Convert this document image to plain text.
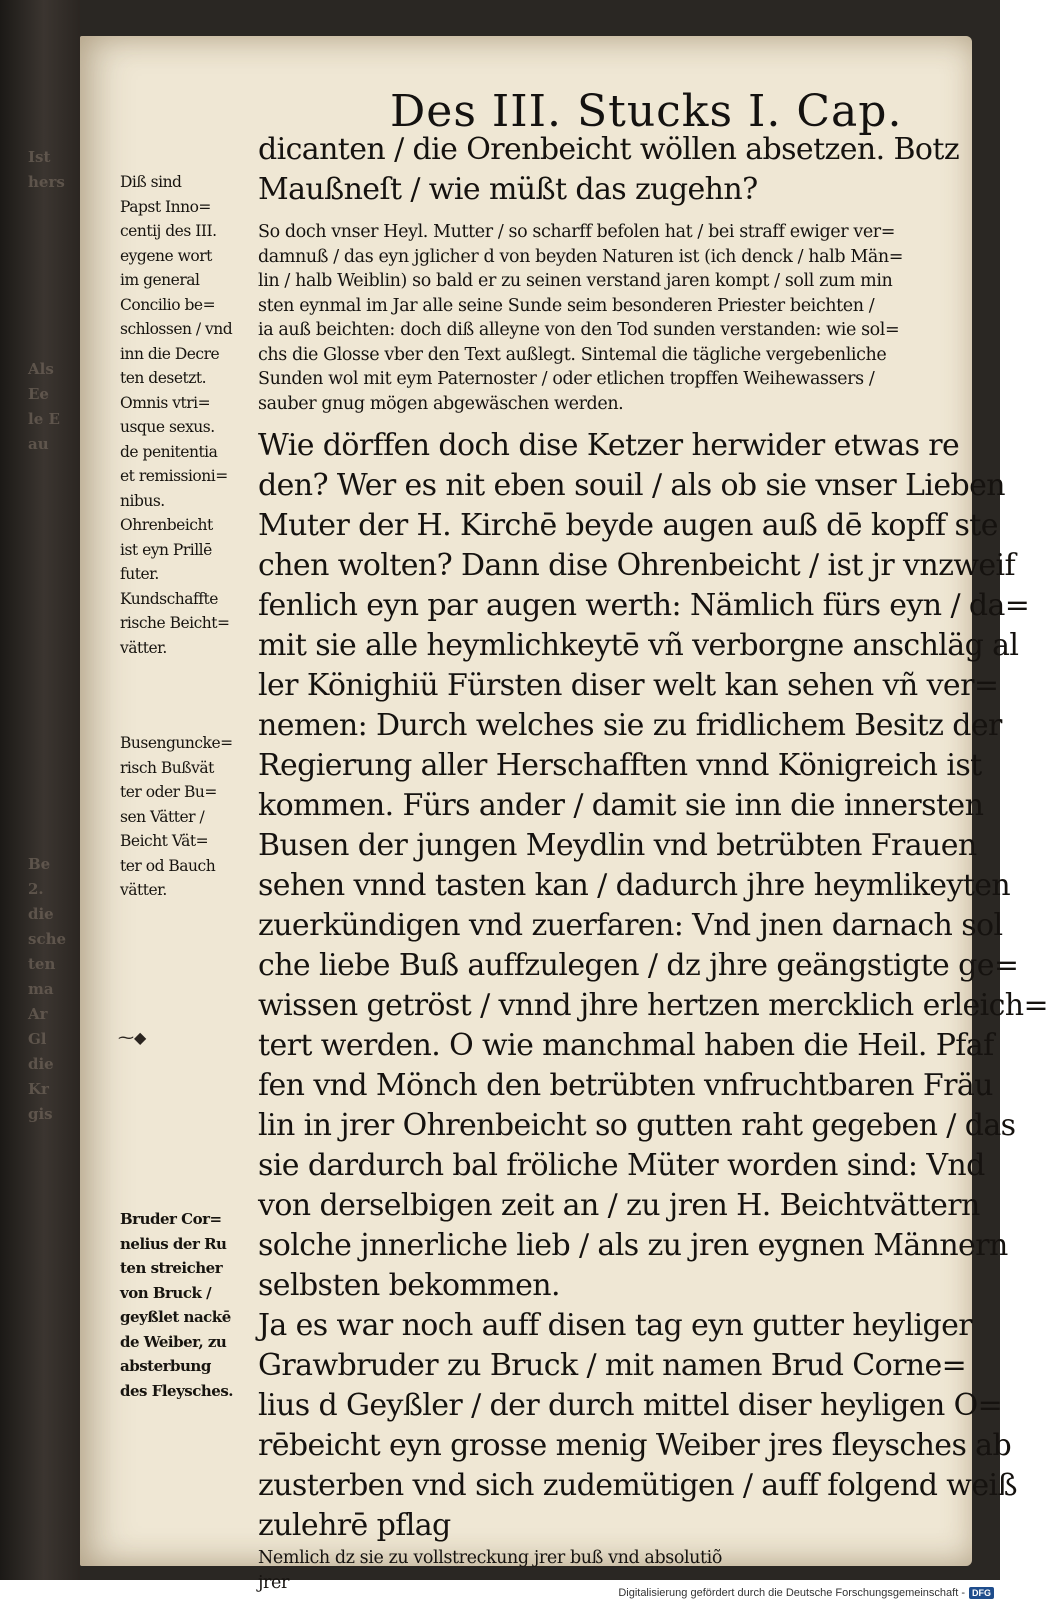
Ist
hers
Als
Ee
le E
au
Be
2.
die
sche
ten
ma
Ar
Gl
die
Kr
gis
Des III. Stucks I. Cap.
Diß sind
Papst Inno=
centij des III.
eygene wort
im general
Concilio be=
schlossen / vnd
inn die Decre
ten desetzt.
Omnis vtri=
usque sexus.
de penitentia
et remissioni=
nibus.
Ohrenbeicht
ist eyn Prillē
futer.
Kundschaffte
rische Beicht=
vätter.
Busenguncke=
risch Bußvät
ter oder Bu=
sen Vätter /
Beicht Vät=
ter od Bauch
vätter.
Bruder Cor=
nelius der Ru
ten streicher
von Bruck /
geyßlet nackē
de Weiber, zu
absterbung
des Fleysches.
⁓◆
dicanten / die Orenbeicht wöllen absetzen. Botz
Maußneſt / wie müßt das zugehn?
So doch vnser Heyl. Mutter / so scharff befolen hat / bei straff ewiger ver=
damnuß / das eyn jglicher d von beyden Naturen ist (ich denck / halb Män=
lin / halb Weiblin) so bald er zu seinen verstand jaren kompt / soll zum min
sten eynmal im Jar alle seine Sunde seim besonderen Priester beichten /
ia auß beichten: doch diß alleyne von den Tod sunden verstanden: wie sol=
chs die Glosse vber den Text außlegt. Sintemal die tägliche vergebenliche
Sunden wol mit eym Paternoster / oder etlichen tropffen Weihewassers /
sauber gnug mögen abgewäschen werden.
Wie dörffen doch dise Ketzer herwider etwas re
den? Wer es nit eben souil / als ob sie vnser Lieben
Muter der H. Kirchē beyde augen auß dē kopff ste
chen wolten? Dann dise Ohrenbeicht / ist jr vnzweif
fenlich eyn par augen werth: Nämlich fürs eyn / da=
mit sie alle heymlichkeytē vñ verborgne anschläg al
ler Könighiü Fürsten diser welt kan sehen vñ ver=
nemen: Durch welches sie zu fridlichem Besitz der
Regierung aller Herschafften vnnd Königreich ist
kommen. Fürs ander / damit sie inn die innersten
Busen der jungen Meydlin vnd betrübten Frauen
sehen vnnd tasten kan / dadurch jhre heymlikeyten
zuerkündigen vnd zuerfaren: Vnd jnen darnach sol
che liebe Buß auffzulegen / dz jhre geängstigte ge=
wissen getröst / vnnd jhre hertzen mercklich erleich=
tert werden. O wie manchmal haben die Heil. Pfaf
fen vnd Mönch den betrübten vnfruchtbaren Fräu
lin in jrer Ohrenbeicht so gutten raht gegeben / das
sie dardurch bal fröliche Müter worden sind: Vnd
von derselbigen zeit an / zu jren H. Beichtvättern
solche jnnerliche lieb / als zu jren eygnen Männern
selbsten bekommen.
Ja es war noch auff disen tag eyn gutter heyliger
Grawbruder zu Bruck / mit namen Brud Corne=
lius d Geyßler / der durch mittel diser heyligen O=
rēbeicht eyn grosse menig Weiber jres fleysches ab
zusterben vnd sich zudemütigen / auff folgend weiß
zulehrē pflag
Nemlich dz sie zu vollstreckung jrer buß vnd absolutiõ
jrer
Digitalisierung gefördert durch die Deutsche Forschungsgemeinschaft - DFG
